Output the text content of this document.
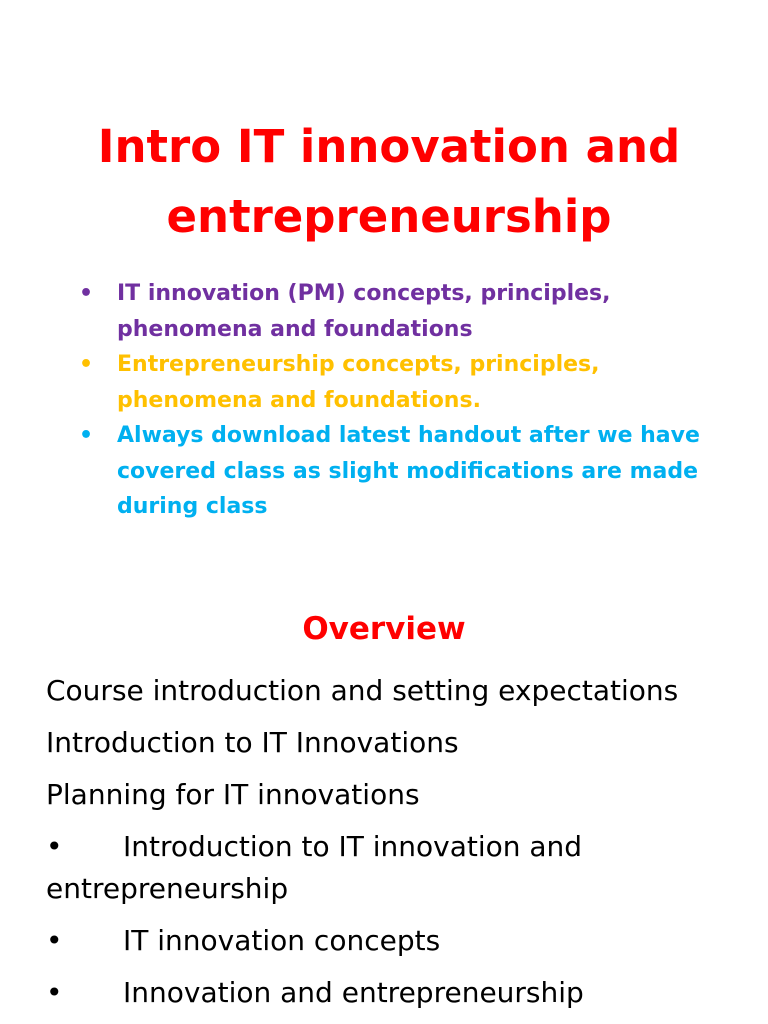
Intro IT innovation and entrepreneurship
• IT innovation (PM) concepts, principles, phenomena and foundations
• Entrepreneurship concepts, principles, phenomena and foundations.
• Always download latest handout after we have covered class as slight modifications are made during class
Overview
Course introduction and setting expectations
Introduction to IT Innovations
Planning for IT innovations
• Introduction to IT innovation and entrepreneurship
• IT innovation concepts
• Innovation and entrepreneurship
